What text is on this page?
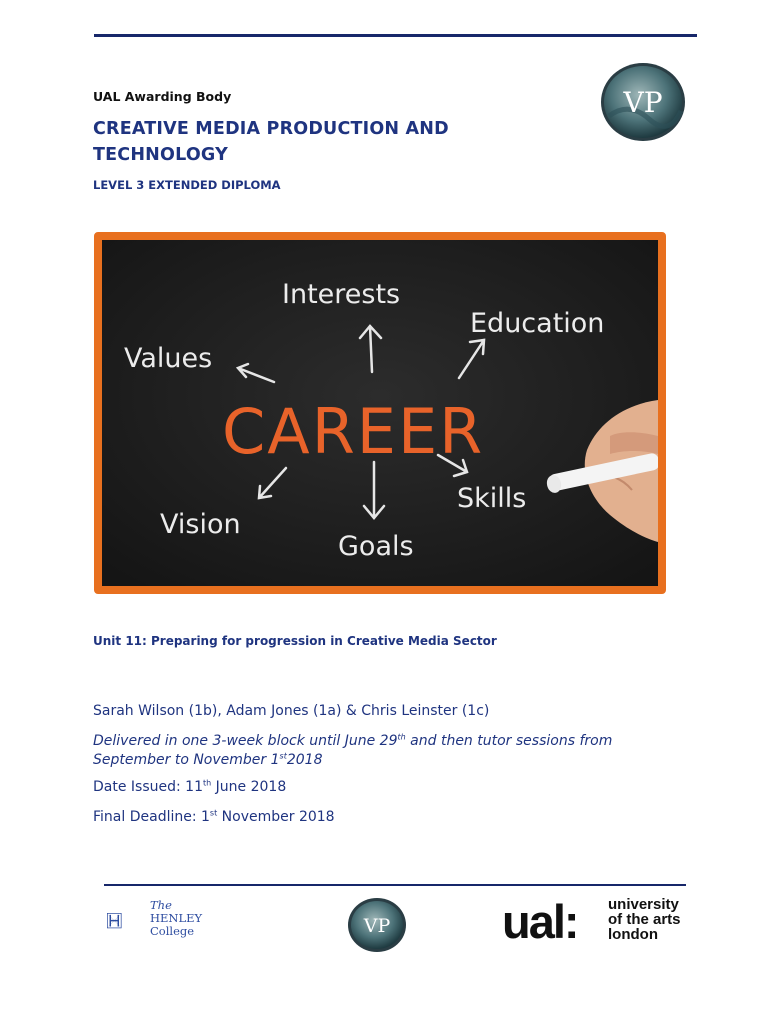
UAL Awarding Body
CREATIVE MEDIA PRODUCTION AND TECHNOLOGY
LEVEL 3 EXTENDED DIPLOMA
VP
CAREER
Interests
Education
Values
Skills
Vision
Goals
Unit 11: Preparing for progression in Creative Media Sector
Sarah Wilson (1b), Adam Jones (1a) & Chris Leinster (1c)
Delivered in one 3-week block until June 29th and then tutor sessions from September to November 1st2018
Date Issued: 11th June 2018
Final Deadline: 1st November 2018
The
HENLEY
College	VP ual: university
of the arts
london
